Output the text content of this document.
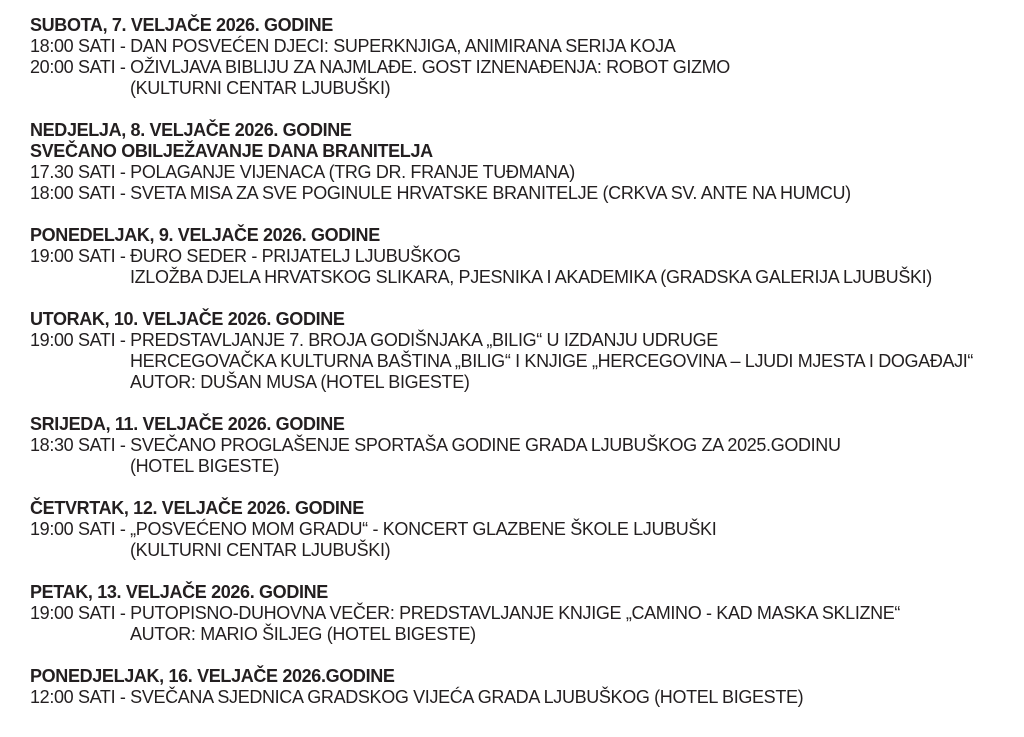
SUBOTA, 7. VELJAČE 2026. GODINE
18:00 SATI - DAN POSVEĆEN DJECI: SUPERKNJIGA, ANIMIRANA SERIJA KOJA
20:00 SATI - OŽIVLJAVA BIBLIJU ZA NAJMLAĐE. GOST IZNENAĐENJA: ROBOT GIZMO
(KULTURNI CENTAR LJUBUŠKI)
NEDJELJA, 8. VELJAČE 2026. GODINE
SVEČANO OBILJEŽAVANJE DANA BRANITELJA
17.30 SATI - POLAGANJE VIJENACA (TRG DR. FRANJE TUĐMANA)
18:00 SATI - SVETA MISA ZA SVE POGINULE HRVATSKE BRANITELJE (CRKVA SV. ANTE NA HUMCU)
PONEDELJAK, 9. VELJAČE 2026. GODINE
19:00 SATI - ĐURO SEDER - PRIJATELJ LJUBUŠKOG
IZLOŽBA DJELA HRVATSKOG SLIKARA, PJESNIKA I AKADEMIKA (GRADSKA GALERIJA LJUBUŠKI)
UTORAK, 10. VELJAČE 2026. GODINE
19:00 SATI - PREDSTAVLJANJE 7. BROJA GODIŠNJAKA „BILIG“ U IZDANJU UDRUGE
HERCEGOVAČKA KULTURNA BAŠTINA „BILIG“ I KNJIGE „HERCEGOVINA – LJUDI MJESTA I DOGAĐAJI“
AUTOR: DUŠAN MUSA (HOTEL BIGESTE)
SRIJEDA, 11. VELJAČE 2026. GODINE
18:30 SATI - SVEČANO PROGLAŠENJE SPORTAŠA GODINE GRADA LJUBUŠKOG ZA 2025.GODINU
(HOTEL BIGESTE)
ČETVRTAK, 12. VELJAČE 2026. GODINE
19:00 SATI - „POSVEĆENO MOM GRADU“ - KONCERT GLAZBENE ŠKOLE LJUBUŠKI
(KULTURNI CENTAR LJUBUŠKI)
PETAK, 13. VELJAČE 2026. GODINE
19:00 SATI - PUTOPISNO-DUHOVNA VEČER: PREDSTAVLJANJE KNJIGE „CAMINO - KAD MASKA SKLIZNE“
AUTOR: MARIO ŠILJEG (HOTEL BIGESTE)
PONEDJELJAK, 16. VELJAČE 2026.GODINE
12:00 SATI - SVEČANA SJEDNICA GRADSKOG VIJEĆA GRADA LJUBUŠKOG (HOTEL BIGESTE)
